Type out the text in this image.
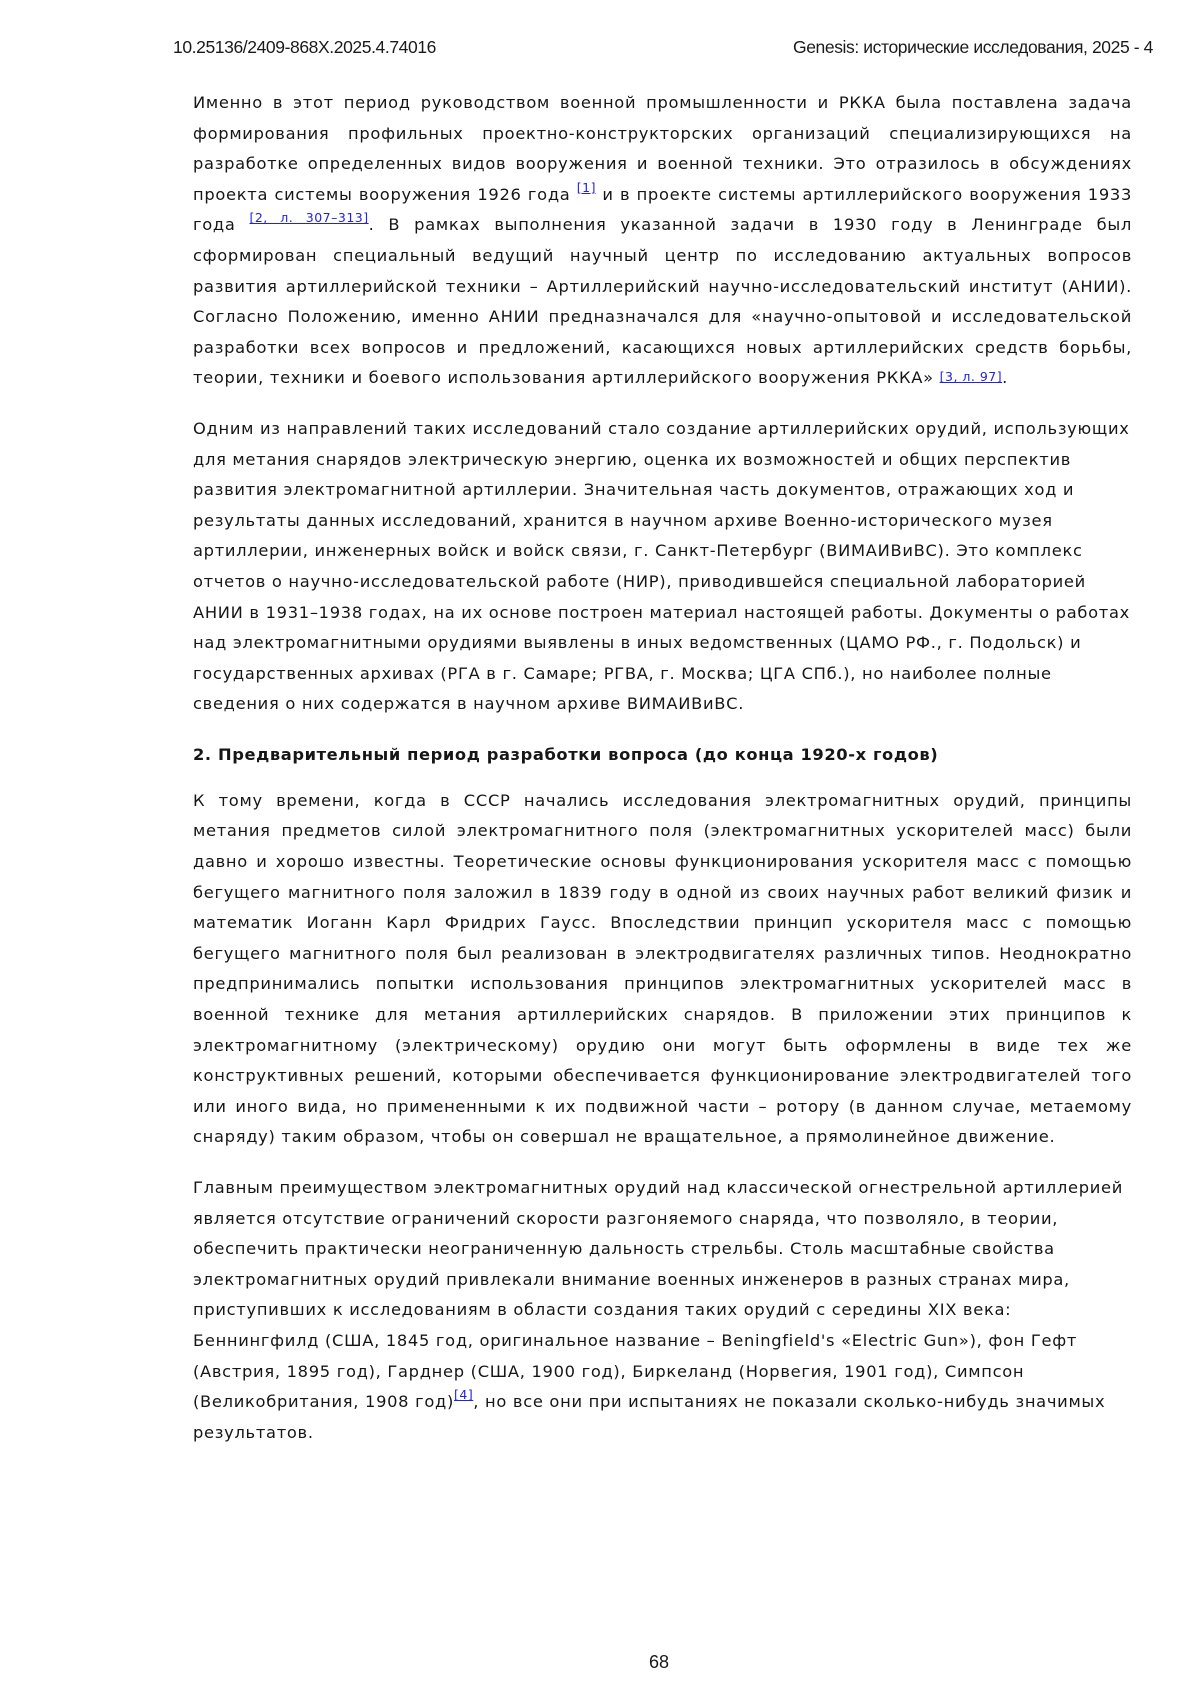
10.25136/2409-868X.2025.4.74016	Genesis: исторические исследования, 2025 - 4

Именно в этот период руководством военной промышленности и РККА была поставлена задача формирования профильных проектно-конструкторских организаций специализирующихся на разработке определенных видов вооружения и военной техники. Это отразилось в обсуждениях проекта системы вооружения 1926 года [1] и в проекте системы артиллерийского вооружения 1933 года [2, л. 307–313]. В рамках выполнения указанной задачи в 1930 году в Ленинграде был сформирован специальный ведущий научный центр по исследованию актуальных вопросов развития артиллерийской техники – Артиллерийский научно-исследовательский институт (АНИИ). Согласно Положению, именно АНИИ предназначался для «научно-опытовой и исследовательской разработки всех вопросов и предложений, касающихся новых артиллерийских средств борьбы, теории, техники и боевого использования артиллерийского вооружения РККА» [3, л. 97].

Одним из направлений таких исследований стало создание артиллерийских орудий, использующих для метания снарядов электрическую энергию, оценка их возможностей и общих перспектив развития электромагнитной артиллерии. Значительная часть документов, отражающих ход и результаты данных исследований, хранится в научном архиве Военно-исторического музея артиллерии, инженерных войск и войск связи, г. Санкт-Петербург (ВИМАИВиВС). Это комплекс отчетов о научно-исследовательской работе (НИР), приводившейся специальной лабораторией АНИИ в 1931–1938 годах, на их основе построен материал настоящей работы. Документы о работах над электромагнитными орудиями выявлены в иных ведомственных (ЦАМО РФ., г. Подольск) и государственных архивах (РГА в г. Самаре; РГВА, г. Москва; ЦГА СПб.), но наиболее полные сведения о них содержатся в научном архиве ВИМАИВиВС.

2. Предварительный период разработки вопроса (до конца 1920-х годов)

К тому времени, когда в СССР начались исследования электромагнитных орудий, принципы метания предметов силой электромагнитного поля (электромагнитных ускорителей масс) были давно и хорошо известны. Теоретические основы функционирования ускорителя масс с помощью бегущего магнитного поля заложил в 1839 году в одной из своих научных работ великий физик и математик Иоганн Карл Фридрих Гаусс. Впоследствии принцип ускорителя масс с помощью бегущего магнитного поля был реализован в электродвигателях различных типов. Неоднократно предпринимались попытки использования принципов электромагнитных ускорителей масс в военной технике для метания артиллерийских снарядов. В приложении этих принципов к электромагнитному (электрическому) орудию они могут быть оформлены в виде тех же конструктивных решений, которыми обеспечивается функционирование электродвигателей того или иного вида, но примененными к их подвижной части – ротору (в данном случае, метаемому снаряду) таким образом, чтобы он совершал не вращательное, а прямолинейное движение.

Главным преимуществом электромагнитных орудий над классической огнестрельной артиллерией является отсутствие ограничений скорости разгоняемого снаряда, что позволяло, в теории, обеспечить практически неограниченную дальность стрельбы. Столь масштабные свойства электромагнитных орудий привлекали внимание военных инженеров в разных странах мира, приступивших к исследованиям в области создания таких орудий с середины XIX века: Беннингфилд (США, 1845 год, оригинальное название – Beningfield's «Electric Gun»), фон Гефт (Австрия, 1895 год), Гарднер (США, 1900 год), Биркеланд (Норвегия, 1901 год), Симпсон (Великобритания, 1908 год)[4], но все они при испытаниях не показали сколько-нибудь значимых результатов.

68
